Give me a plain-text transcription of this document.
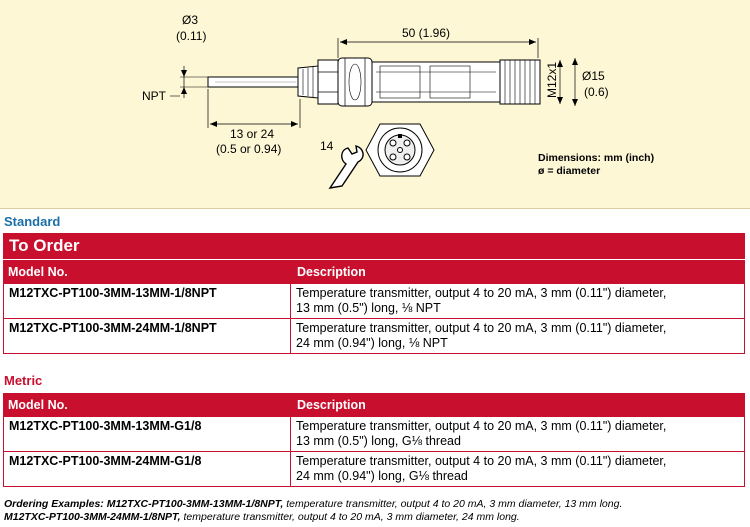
Ø3
(0.11)
NPT
50 (1.96)
M12x1 Ø15
(0.6)
13 or 24
(0.5 or 0.94)	14
Dimensions: mm (inch)
ø = diameter
Standard
To Order
Model No.	Description
M12TXC-PT100-3MM-13MM-1/8NPT	Temperature transmitter, output 4 to 20 mA, 3 mm (0.11") diameter,
13 mm (0.5") long, ⅛ NPT

M12TXC-PT100-3MM-24MM-1/8NPT	Temperature transmitter, output 4 to 20 mA, 3 mm (0.11") diameter,
24 mm (0.94") long, ⅛ NPT
Metric
Model No.	Description
M12TXC-PT100-3MM-13MM-G1/8	Temperature transmitter, output 4 to 20 mA, 3 mm (0.11") diameter,
13 mm (0.5") long, G⅛ thread

M12TXC-PT100-3MM-24MM-G1/8	Temperature transmitter, output 4 to 20 mA, 3 mm (0.11") diameter,
24 mm (0.94") long, G⅛ thread
Ordering Examples: M12TXC-PT100-3MM-13MM-1/8NPT, temperature transmitter, output 4 to 20 mA, 3 mm diameter, 13 mm long.
M12TXC-PT100-3MM-24MM-1/8NPT, temperature transmitter, output 4 to 20 mA, 3 mm diameter, 24 mm long.
